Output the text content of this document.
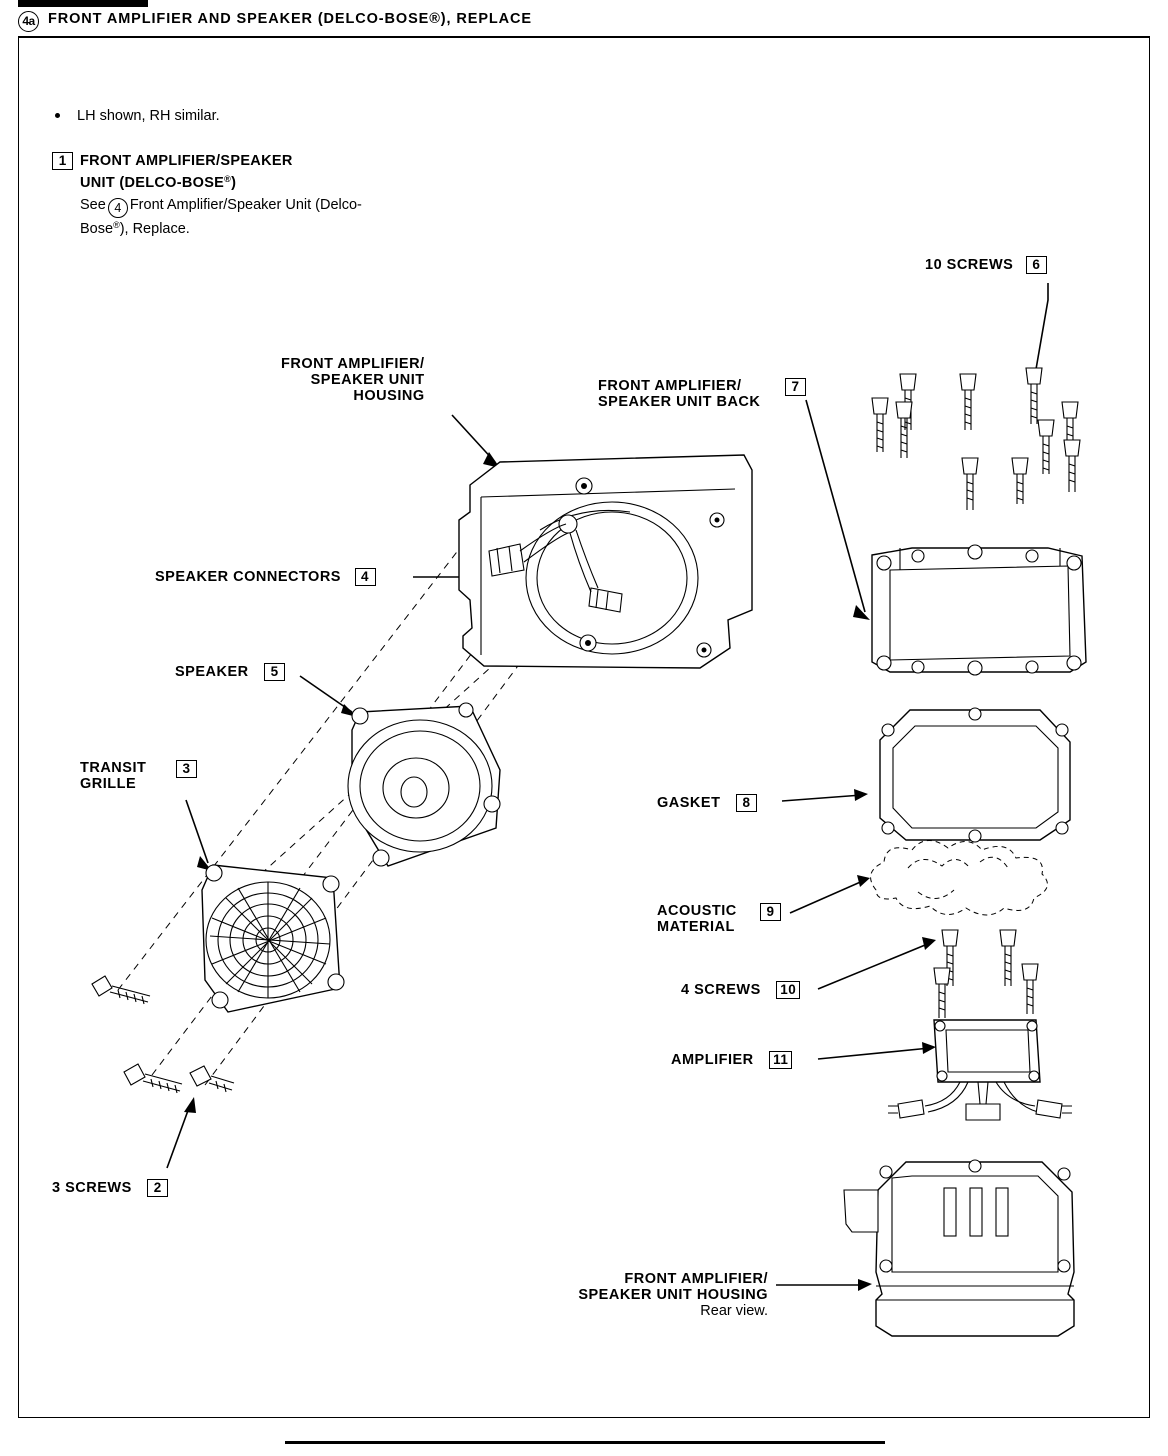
4a FRONT AMPLIFIER AND SPEAKER (DELCO-BOSE®), REPLACE
LH shown, RH similar.
1 FRONT AMPLIFIER/SPEAKER
UNIT (DELCO-BOSE®)
See 4 Front Amplifier/Speaker Unit (Delco-
Bose®), Replace.
10 SCREWS 6
FRONT AMPLIFIER/
SPEAKER UNIT
HOUSING
FRONT AMPLIFIER/
SPEAKER UNIT BACK
7
SPEAKER CONNECTORS 4
SPEAKER 5
TRANSIT
GRILLE
3
3 SCREWS 2
GASKET 8
ACOUSTIC
MATERIAL
9
4 SCREWS 10
AMPLIFIER 11
FRONT AMPLIFIER/
SPEAKER UNIT HOUSING
Rear view.
